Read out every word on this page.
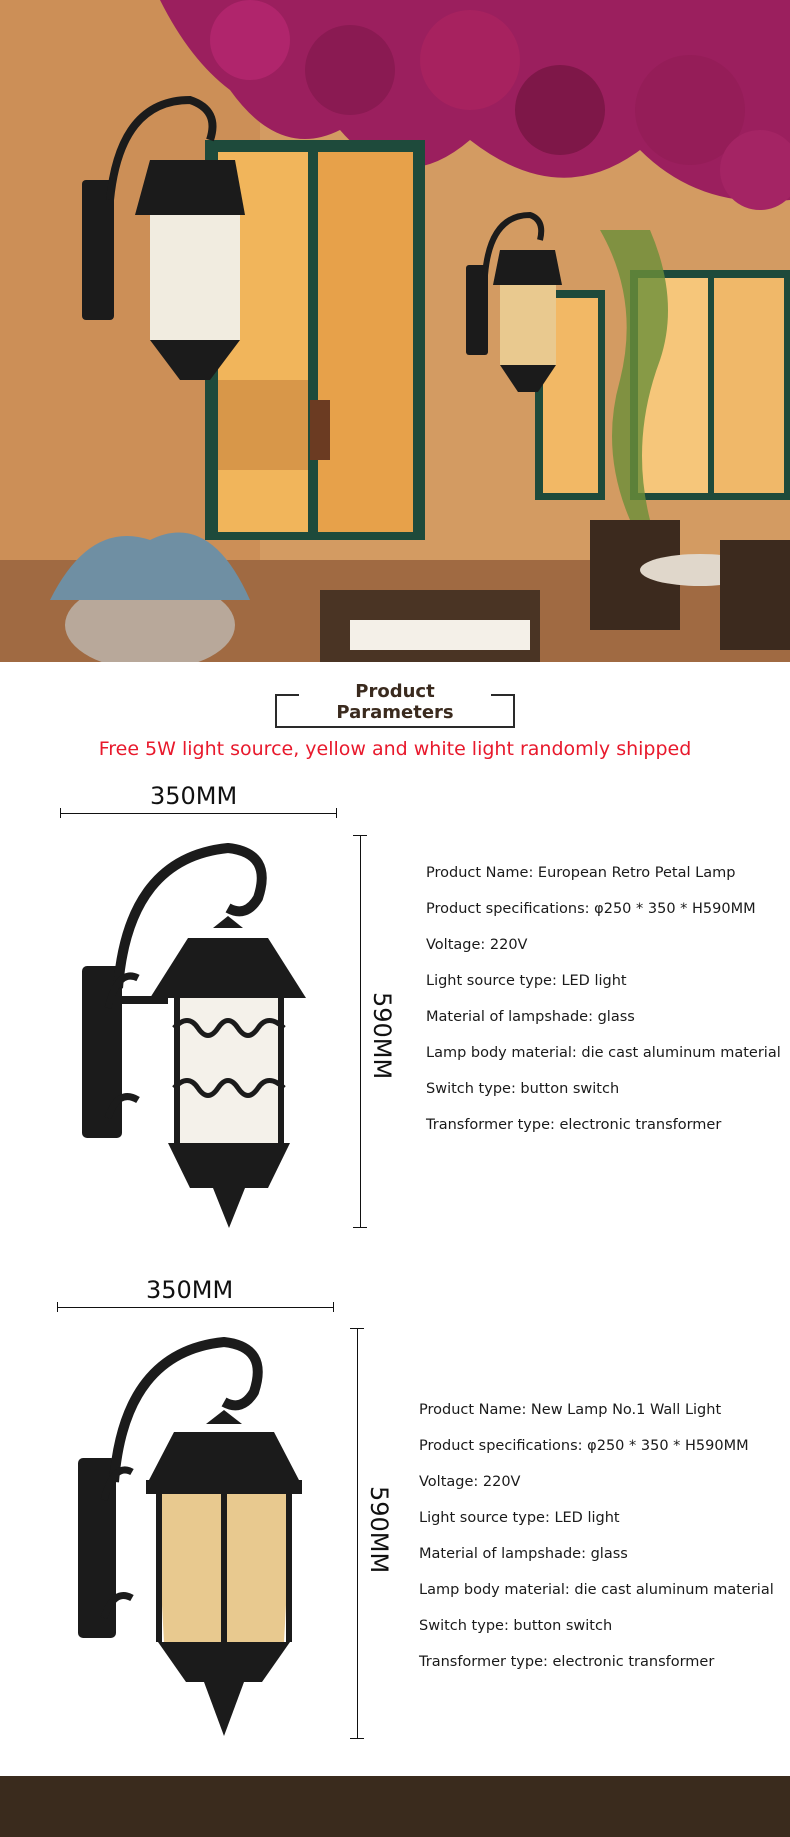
Product Parameters
Free 5W light source, yellow and white light randomly shipped
350MM
590MM
Product Name: European Retro Petal Lamp
Product specifications: φ250 * 350 * H590MM
Voltage: 220V
Light source type: LED light
Material of lampshade: glass
Lamp body material: die cast aluminum material
Switch type: button switch
Transformer type: electronic transformer
350MM
590MM
Product Name: New Lamp No.1 Wall Light
Product specifications: φ250 * 350 * H590MM
Voltage: 220V
Light source type: LED light
Material of lampshade: glass
Lamp body material: die cast aluminum material
Switch type: button switch
Transformer type: electronic transformer
